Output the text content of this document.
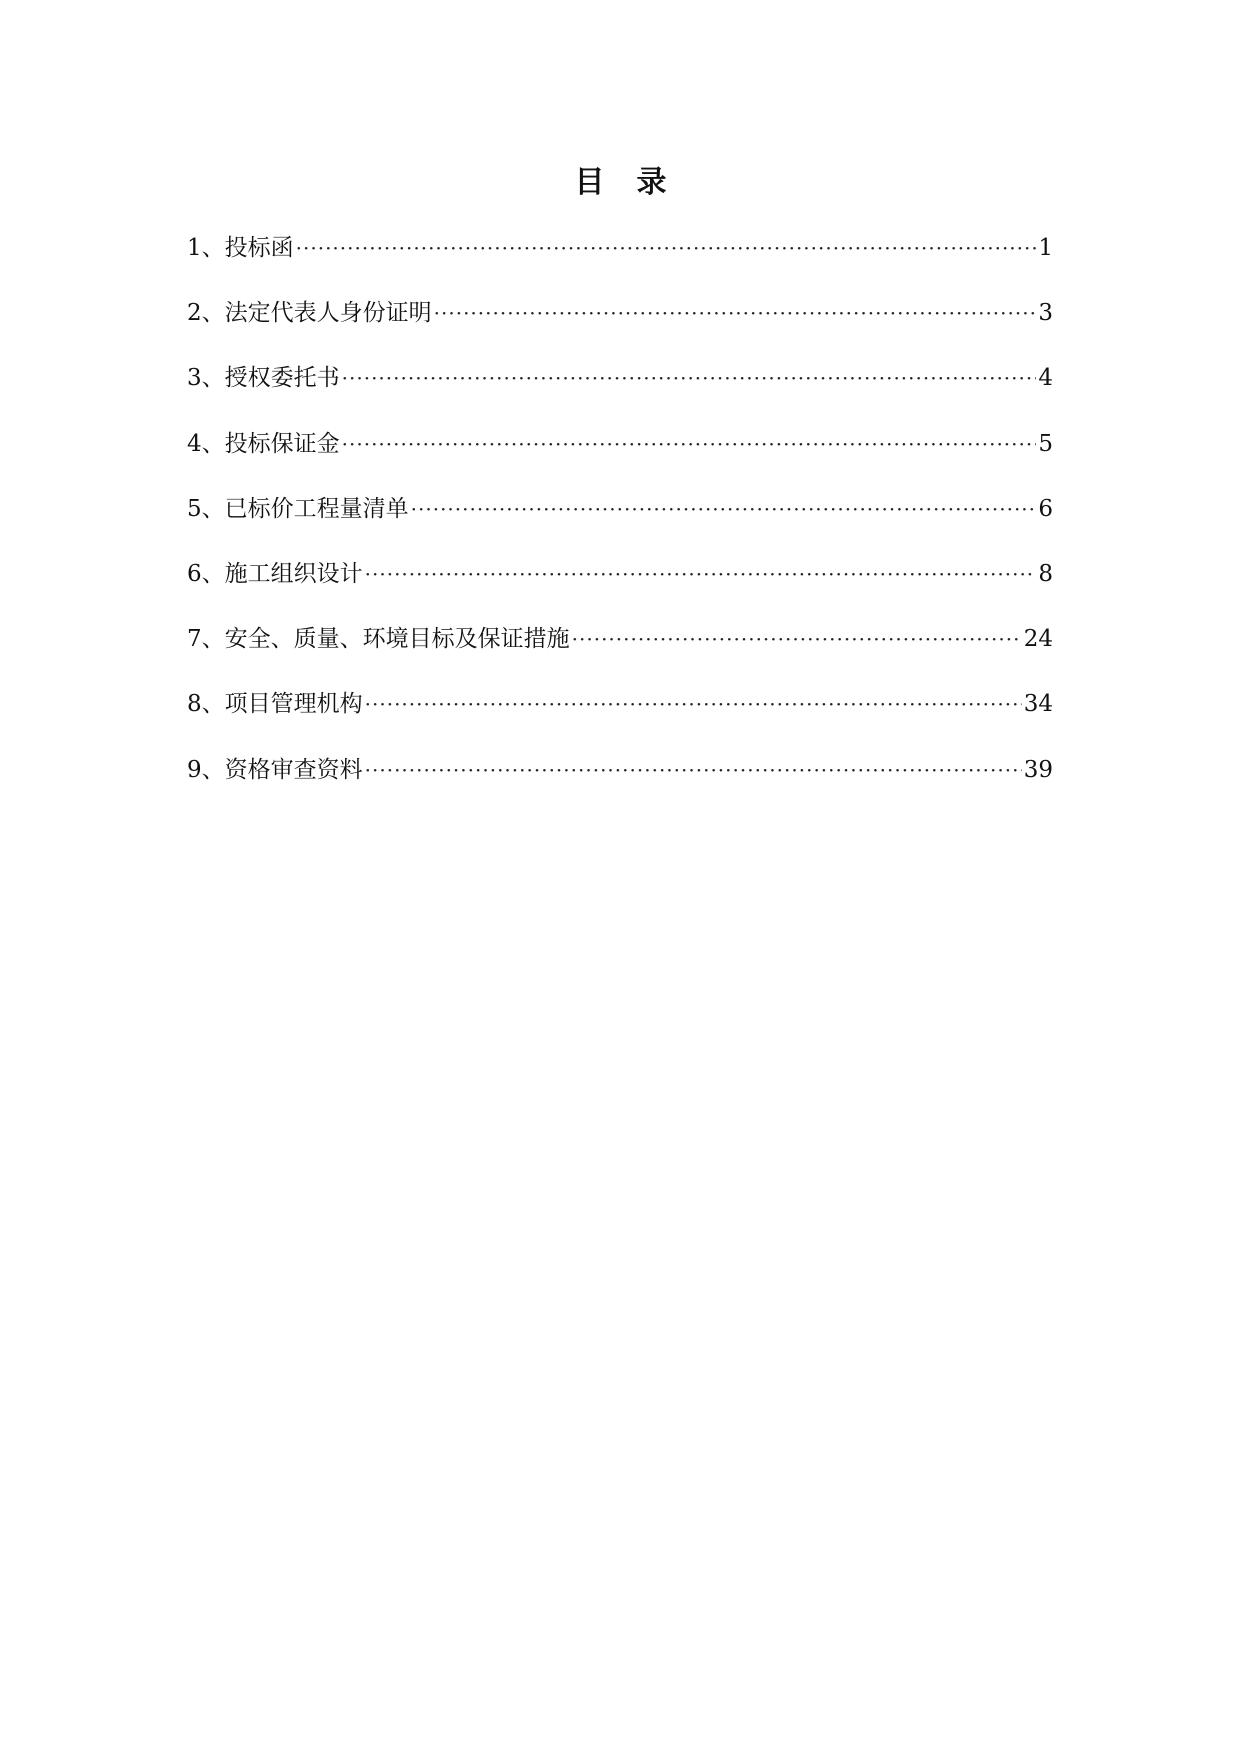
目录
1、投标函 ·····	1
2、法定代表人身份证明 ·····	3
3、授权委托书 ·····	4
4、投标保证金 ·····	5
5、已标价工程量清单 ·····	6
6、施工组织设计 ·····	8
7、安全、质量、环境目标及保证措施 ·····	24
8、项目管理机构 ·····	34
9、资格审查资料 ·····	39
